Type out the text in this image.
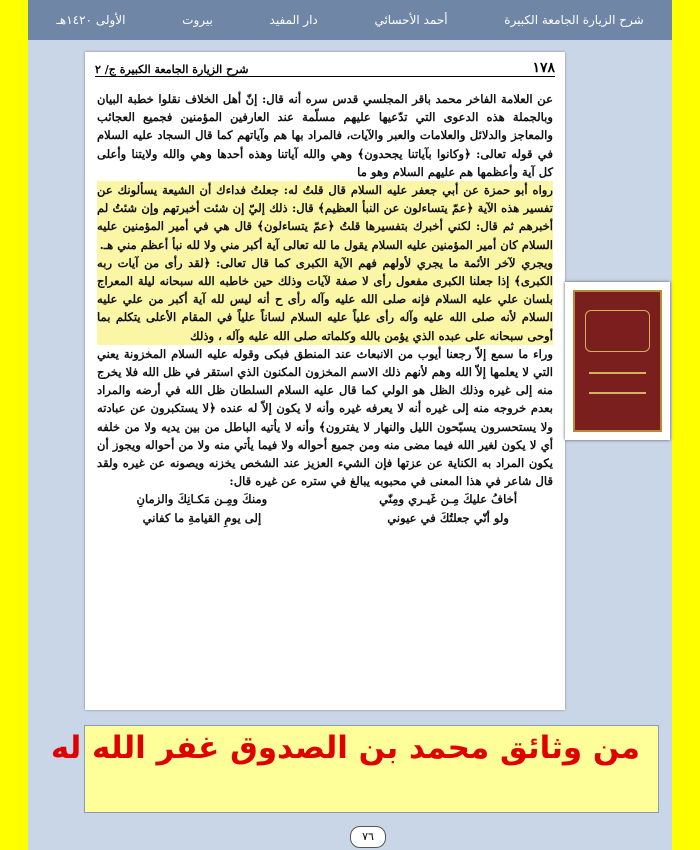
شرح الزيارة الجامعة الكبيرة
أحمد الأحسائي
دار المفيد
بيروت
الأولى ١٤٢٠هـ
١٧٨
شرح الزيارة الجامعة الكبيرة ج/ ٢

عن العلامة الفاخر محمد باقر المجلسي قدس سره أنه قال: إنّ أهل الخلاف نقلوا خطبة البيان وبالجملة هذه الدعوى التي تدّعيها عليهم مسلّمة عند العارفين المؤمنين فجميع العجائب والمعاجز والدلائل والعلامات والعبر والآيات، فالمراد بها هم وآياتهم كما قال السجاد عليه السلام في قوله تعالى: ﴿وكانوا بآياتنا يجحدون﴾ وهي والله آياتنا وهذه أحدها وهي والله ولايتنا وأعلى كل آية وأعظمها هم عليهم السلام وهو ما

رواه أبو حمزة عن أبي جعفر عليه السلام قال قلتُ له: جعلتُ فداءك أن الشيعة يسألونك عن تفسير هذه الآية ﴿عمّ يتساءلون عن النبأ العظيم﴾ قال: ذلك إليّ إن شئت أخبرتهم وإن شئتُ لم أخبرهم ثم قال: لكني أخبرك بتفسيرها قلتُ ﴿عمّ يتساءلون﴾ قال هي في أمير المؤمنين عليه السلام كان أمير المؤمنين عليه السلام يقول ما لله تعالى آية أكبر مني ولا لله نبأ أعظم مني هـ.

ويجري لآخر الأئمة ما يجري لأولهم فهم الآية الكبرى كما قال تعالى: ﴿لقد رأى من آيات ربه الكبرى﴾ إذا جعلنا الكبرى مفعول رأى لا صفة لآيات وذلك حين خاطبه الله سبحانه ليلة المعراج بلسان علي عليه السلام فإنه صلى الله عليه وآله رأى ح أنه ليس لله آية أكبر من علي عليه السلام لأنه صلى الله عليه وآله رأى علياً عليه السلام لساناً علياً في المقام الأعلى يتكلم بما أوحى سبحانه على عبده الذي يؤمن بالله وكلماته صلى الله عليه وآله ، وذلك

وراء ما سمع إلاّ رجعنا أيوب من الانبعاث عند المنطق فبكى وقوله عليه السلام المخزونة يعني التي لا يعلمها إلاّ الله وهم لأنهم ذلك الاسم المخزون المكنون الذي استقر في ظل الله فلا يخرج منه إلى غيره وذلك الظل هو الولي كما قال عليه السلام السلطان ظل الله في أرضه والمراد بعدم خروجه منه إلى غيره أنه لا يعرفه غيره وأنه لا يكون إلاّ له عنده ﴿لا يستكبرون عن عبادته ولا يستحسرون يسبّحون الليل والنهار لا يفترون﴾ وأنه لا يأتيه الباطل من بين يديه ولا من خلفه أي لا يكون لغير الله فيما مضى منه ومن جميع أحواله ولا فيما يأتي منه ولا من أحواله ويجوز أن يكون المراد به الكناية عن عزتها فإن الشيء العزيز عند الشخص يخزنه ويصونه عن غيره ولقد قال شاعر في هذا المعنى في محبوبه يبالغ في ستره عن غيره قال:

أخافُ عليكَ مِـن غَيـري ومِنّي
ومنكَ ومِـن مَكـانِكَ والزمانِ
ولو أنّي جعلتُكَ في عيوني
إلى يومِ القيامةِ ما كفاني
من وثائق محمد بن الصدوق غفر الله له
٧٦
